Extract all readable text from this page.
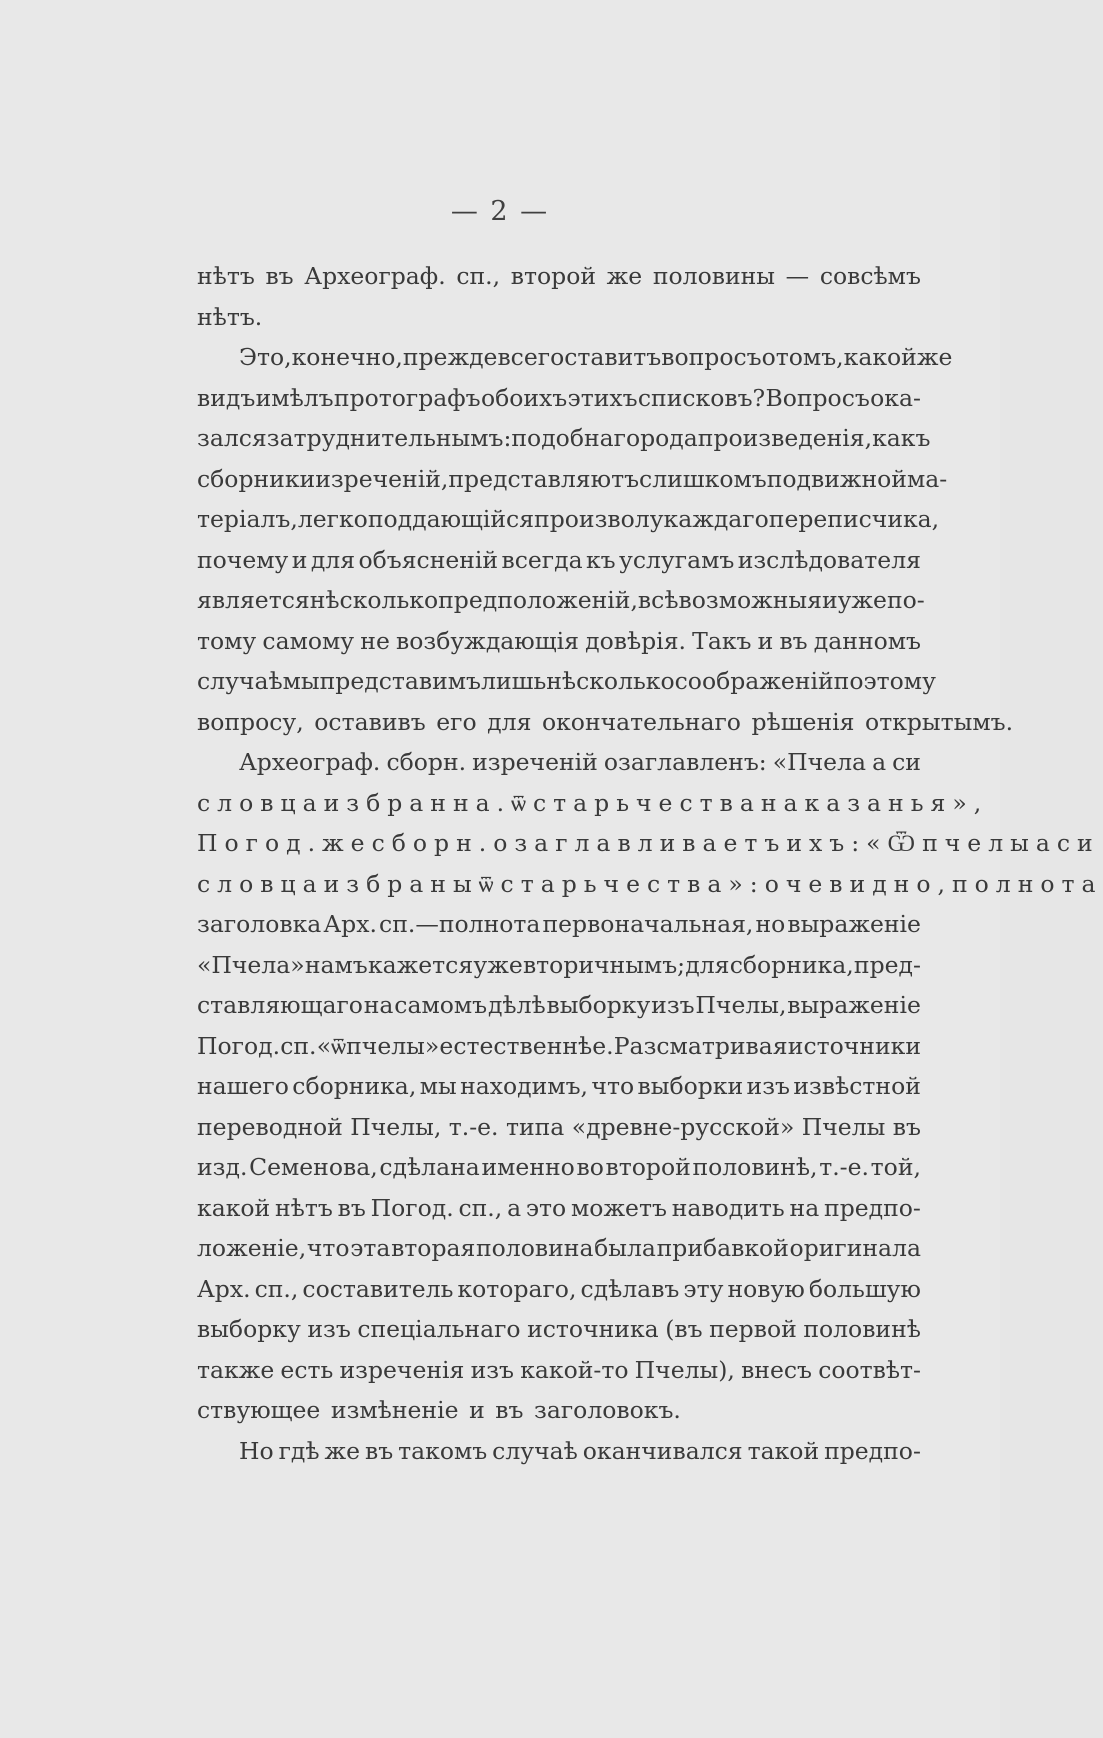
— 2 —
нѣтъ въ Археограф. сп., второй же половины — совсѣмъ
нѣтъ.
Это, конечно, прежде всего ставитъ вопросъ о томъ, какой же
видъ имѣлъ протографъ обоихъ этихъ списковъ? Вопросъ ока-
зался затруднительнымъ: подобнаго рода произведенія, какъ
сборники изреченій, представляютъ слишкомъ подвижной ма-
теріалъ, легко поддающійся произволу каждаго переписчика,
почему и для объясненій всегда къ услугамъ изслѣдователя
является нѣсколько предположеній, всѣ возможныя и уже по-
тому самому не возбуждающія довѣрія. Такъ и въ данномъ
случаѣ мы представимъ лишь нѣсколько соображеній по этому
вопросу, оставивъ его для окончательнаго рѣшенія открытымъ.
Археограф. сборн. изреченій озаглавленъ: «Пчела а си
словца избранна. ѿ старьчества наказанья»,
Погод. же сборн. озаглавливаетъ ихъ: «Ѿ пчелы а си
словца избраны ѿ старьчества»: очевидно, полнота
заголовка Арх. сп.—полнота первоначальная, но выраженіе
«Пчела» намъ кажется уже вторичнымъ; для сборника, пред-
ставляющаго на самомъ дѣлѣ выборку изъ Пчелы, выраженіе
Погод. сп. «ѿ пчелы» естественнѣе. Разсматривая источники
нашего сборника, мы находимъ, что выборки изъ извѣстной
переводной Пчелы, т.-е. типа «древне-русской» Пчелы въ
изд. Семенова, сдѣлана именно во второй половинѣ, т.-е. той,
какой нѣтъ въ Погод. сп., а это можетъ наводить на предпо-
ложеніе, что эта вторая половина была прибавкой оригинала
Арх. сп., составитель котораго, сдѣлавъ эту новую большую
выборку изъ спеціальнаго источника (въ первой половинѣ
также есть изреченія изъ какой-то Пчелы), внесъ соотвѣт-
ствующее измѣненіе и въ заголовокъ.
Но гдѣ же въ такомъ случаѣ оканчивался такой предпо-
